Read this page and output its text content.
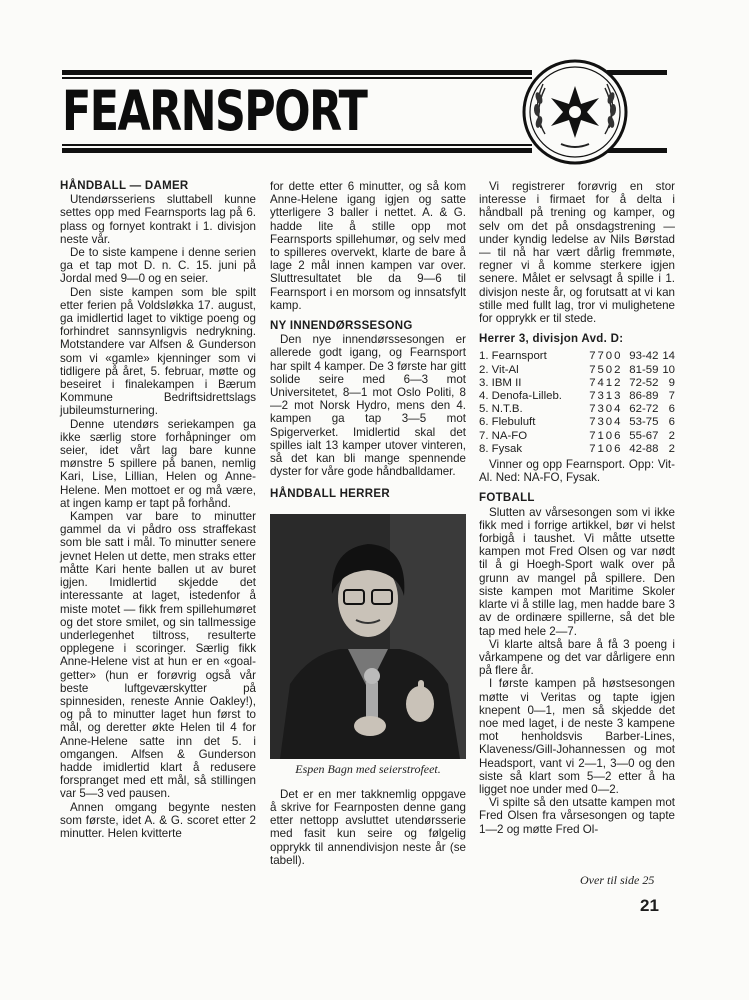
FEARNSPORT
HÅNDBALL — DAMER

Utendørsseriens sluttabell kunne settes opp med Fearnsports lag på 6. plass og fornyet kontrakt i 1. divisjon neste vår.

De to siste kampene i denne serien ga et tap mot D. n. C. 15. juni på Jordal med 9—0 og en seier.

Den siste kampen som ble spilt etter ferien på Voldsløkka 17. august, ga imidlertid laget to viktige poeng og forhindret sannsynligvis nedrykning. Motstandere var Alfsen & Gunderson som vi «gamle» kjenninger som vi tidligere på året, 5. februar, møtte og beseiret i finalekampen i Bærum Kommune Bedriftsidrettslags jubileumsturnering.

Denne utendørs seriekampen ga ikke særlig store forhåpninger om seier, idet vårt lag bare kunne mønstre 5 spillere på banen, nemlig Kari, Lise, Lillian, Helen og Anne-Helene. Men mottoet er og må være, at ingen kamp er tapt på forhånd.

Kampen var bare to minutter gammel da vi pådro oss straffekast som ble satt i mål. To minutter senere jevnet Helen ut dette, men straks etter måtte Kari hente ballen ut av buret igjen. Imidlertid skjedde det interessante at laget, istedenfor å miste motet — fikk frem spillehumøret og det store smilet, og sin tallmessige underlegenhet tiltross, resulterte opplegene i scoringer. Særlig fikk Anne-Helene vist at hun er en «goal-getter» (hun er forøvrig også vår beste luftgeværskytter på spinnesiden, reneste Annie Oakley!), og på to minutter laget hun først to mål, og deretter økte Helen til 4 for Anne-Helene satte inn det 5. i omgangen. Alfsen & Gunderson hadde imidlertid klart å redusere forspranget med ett mål, så stillingen var 5—3 ved pausen.

Annen omgang begynte nesten som første, idet A. & G. scoret etter 2 minutter. Helen kvitterte

for dette etter 6 minutter, og så kom Anne-Helene igang igjen og satte ytterligere 3 baller i nettet. A. & G. hadde lite å stille opp mot Fearnsports spillehumør, og selv med to spilleres overvekt, klarte de bare å lage 2 mål innen kampen var over. Sluttresultatet ble da 9—6 til Fearnsport i en morsom og innsatsfylt kamp.

NY INNENDØRSSESONG

Den nye innendørssesongen er allerede godt igang, og Fearnsport har spilt 4 kamper. De 3 første har gitt solide seire med 6—3 mot Universitetet, 8—1 mot Oslo Politi, 8—2 mot Norsk Hydro, mens den 4. kampen ga tap 3—5 mot Spigerverket. Imidlertid skal det spilles ialt 13 kamper utover vinteren, så det kan bli mange spennende dyster for våre gode håndballdamer.

HÅNDBALL HERRER
Espen Bagn med seierstrofeet.

Det er en mer takknemlig oppgave å skrive for Fearnposten denne gang etter nettopp avsluttet utendørsserie med fasit kun seire og følgelig opprykk til annendivisjon neste år (se tabell).

Vi registrerer forøvrig en stor interesse i firmaet for å delta i håndball på trening og kamper, og selv om det på onsdagstrening — under kyndig ledelse av Nils Børstad — til nå har vært dårlig fremmøte, regner vi å komme sterkere igjen senere. Målet er selvsagt å spille i 1. divisjon neste år, og forutsatt at vi kan stille med fullt lag, tror vi mulighetene for opprykk er til stede.

Herrer 3, divisjon Avd. D:
1. Fearnsport	7	7	0	0	93-42	14
2. Vit-Al	7	5	0	2	81-59	10
3. IBM II	7	4	1	2	72-52	9
4. Denofa-Lilleb.	7	3	1	3	86-89	7
5. N.T.B.	7	3	0	4	62-72	6
6. Flebuluft	7	3	0	4	53-75	6
7. NA-FO	7	1	0	6	55-67	2
8. Fysak	7	1	0	6	42-88	2

Vinner og opp Fearnsport. Opp: Vit-Al. Ned: NA-FO, Fysak.

FOTBALL

Slutten av vårsesongen som vi ikke fikk med i forrige artikkel, bør vi helst forbigå i taushet. Vi måtte utsette kampen mot Fred Olsen og var nødt til å gi Hoegh-Sport walk over på grunn av mangel på spillere. Den siste kampen mot Maritime Skoler klarte vi å stille lag, men hadde bare 3 av de ordinære spillerne, så det ble tap med hele 2—7.

Vi klarte altså bare å få 3 poeng i vårkampene og det var dårligere enn på flere år.

I første kampen på høstsesongen møtte vi Veritas og tapte igjen knepent 0—1, men så skjedde det noe med laget, i de neste 3 kampene mot henholdsvis Barber-Lines, Klaveness/Gill-Johannessen og mot Headsport, vant vi 2—1, 3—0 og den siste så klart som 5—2 etter å ha ligget noe under med 0—2.

Vi spilte så den utsatte kampen mot Fred Olsen fra vårsesongen og tapte 1—2 og møtte Fred Ol-

Over til side 25
21
